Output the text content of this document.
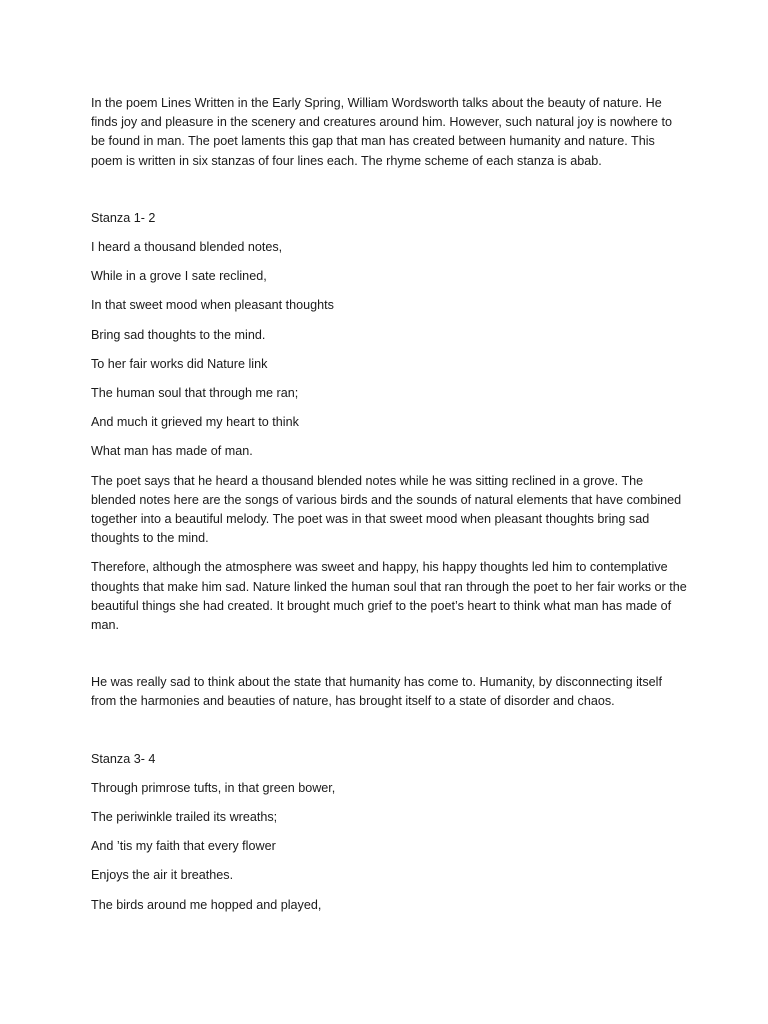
In the poem Lines Written in the Early Spring, William Wordsworth talks about the beauty of nature. He finds joy and pleasure in the scenery and creatures around him. However, such natural joy is nowhere to be found in man. The poet laments this gap that man has created between humanity and nature. This poem is written in six stanzas of four lines each. The rhyme scheme of each stanza is abab.

Stanza 1- 2

I heard a thousand blended notes,

While in a grove I sate reclined,

In that sweet mood when pleasant thoughts

Bring sad thoughts to the mind.

To her fair works did Nature link

The human soul that through me ran;

And much it grieved my heart to think

What man has made of man.

The poet says that he heard a thousand blended notes while he was sitting reclined in a grove. The blended notes here are the songs of various birds and the sounds of natural elements that have combined together into a beautiful melody. The poet was in that sweet mood when pleasant thoughts bring sad thoughts to the mind.

Therefore, although the atmosphere was sweet and happy, his happy thoughts led him to contemplative thoughts that make him sad. Nature linked the human soul that ran through the poet to her fair works or the beautiful things she had created. It brought much grief to the poet’s heart to think what man has made of man.

He was really sad to think about the state that humanity has come to. Humanity, by disconnecting itself from the harmonies and beauties of nature, has brought itself to a state of disorder and chaos.

Stanza 3- 4

Through primrose tufts, in that green bower,

The periwinkle trailed its wreaths;

And ’tis my faith that every flower

Enjoys the air it breathes.

The birds around me hopped and played,
